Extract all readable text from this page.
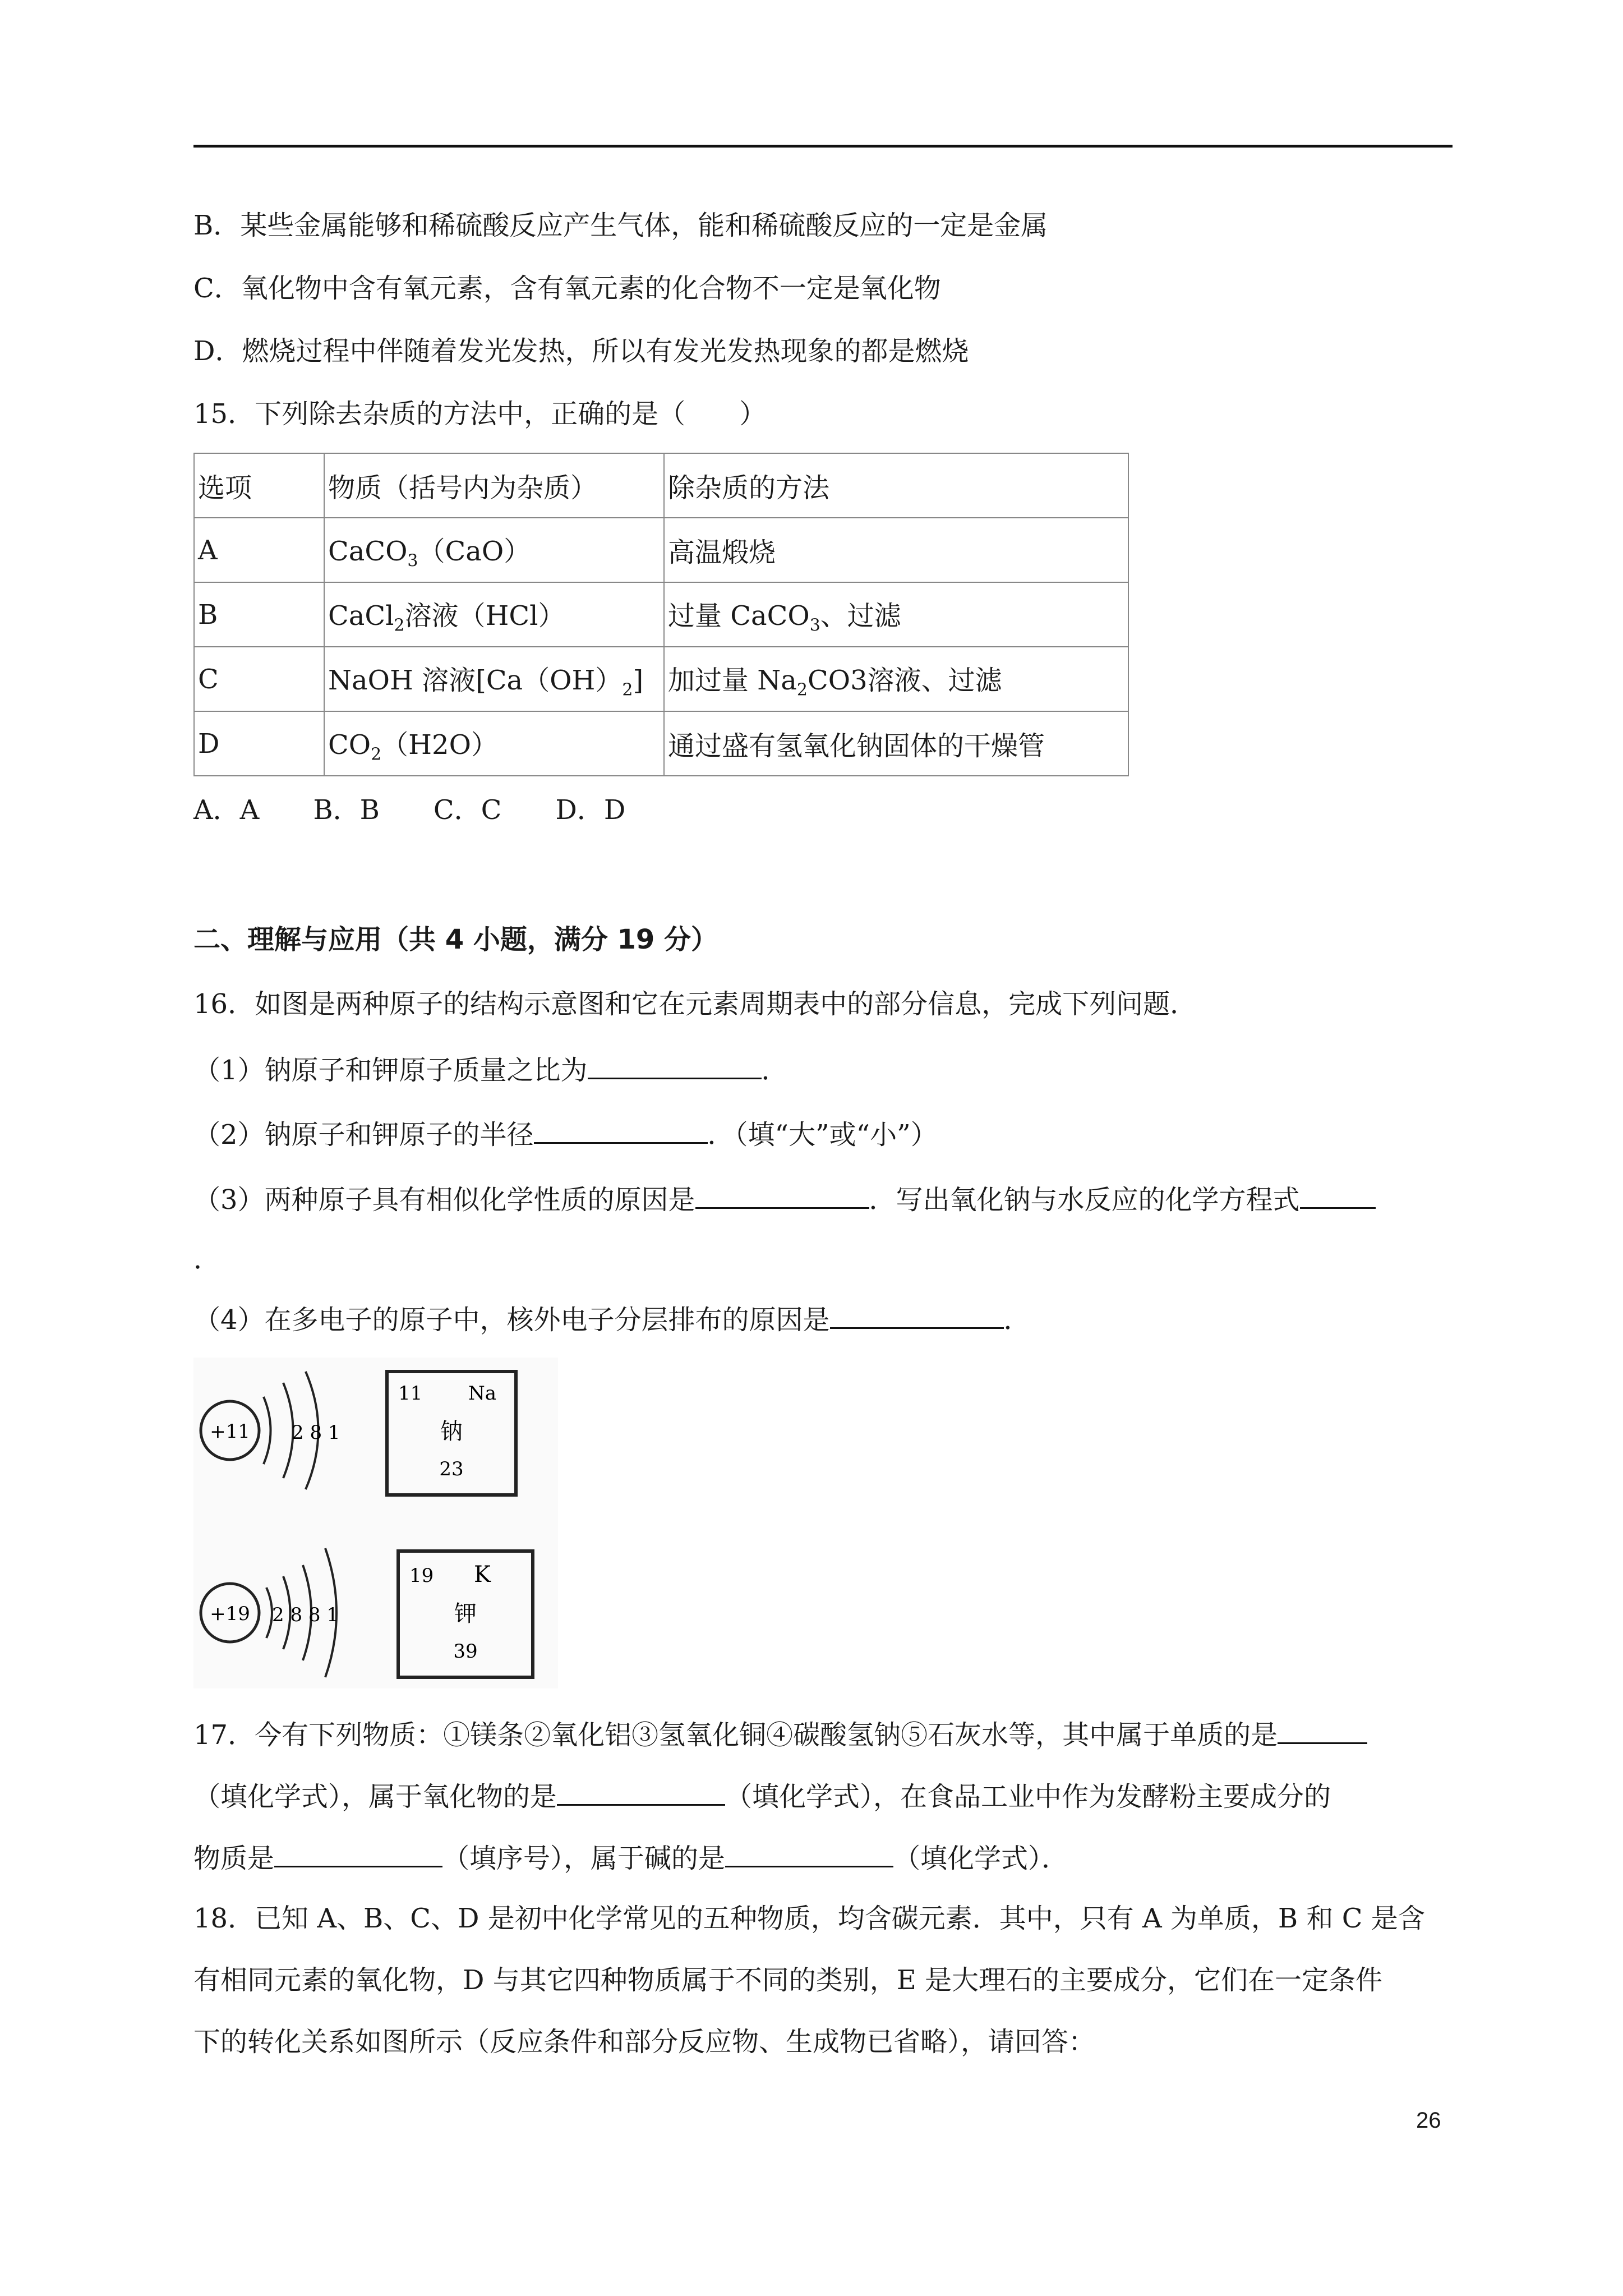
B．某些金属能够和稀硫酸反应产生气体，能和稀硫酸反应的一定是金属
C．氧化物中含有氧元素，含有氧元素的化合物不一定是氧化物
D．燃烧过程中伴随着发光发热，所以有发光发热现象的都是燃烧
15．下列除去杂质的方法中，正确的是（　　）
选项	物质（括号内为杂质）	除杂质的方法
A	CaCO$_3$（CaO）	高温煅烧
B	CaCl$_2$溶液（HCl）	过量 CaCO$_3$、过滤
C	NaOH 溶液$[Ca(OH)_2]$	加过量 $Na_2CO3$溶液、过滤
D	$CO_2(H2O)$	通过盛有氢氧化钠固体的干燥管
A．A　　B．B　　C．C　　D．D
二、理解与应用（共 4 小题，满分 19 分）
16．如图是两种原子的结构示意图和它在元素周期表中的部分信息，完成下列问题．
（1）钠原子和钾原子质量之比为	．
（2）钠原子和钾原子的半径	．（填“大”或“小”）
（3）两种原子具有相似化学性质的原因是	．写出氧化钠与水反应的化学方程式
．
（4）在多电子的原子中，核外电子分层排布的原因是	．
+11 2 8 1
11 Na
钠
23
+19 2 8 8 1
19 K
钾
39
17．今有下列物质：①镁条②氧化铝③氢氧化铜④碳酸氢钠⑤石灰水等，其中属于单质的是
（填化学式），属于氧化物的是	（填化学式），在食品工业中作为发酵粉主要成分的
物质是	（填序号），属于碱的是	（填化学式）．
18．已知 A、B、C、D 是初中化学常见的五种物质，均含碳元素．其中，只有 A 为单质，B 和 C 是含
有相同元素的氧化物，D 与其它四种物质属于不同的类别，E 是大理石的主要成分，它们在一定条件
下的转化关系如图所示（反应条件和部分反应物、生成物已省略），请回答：
26
